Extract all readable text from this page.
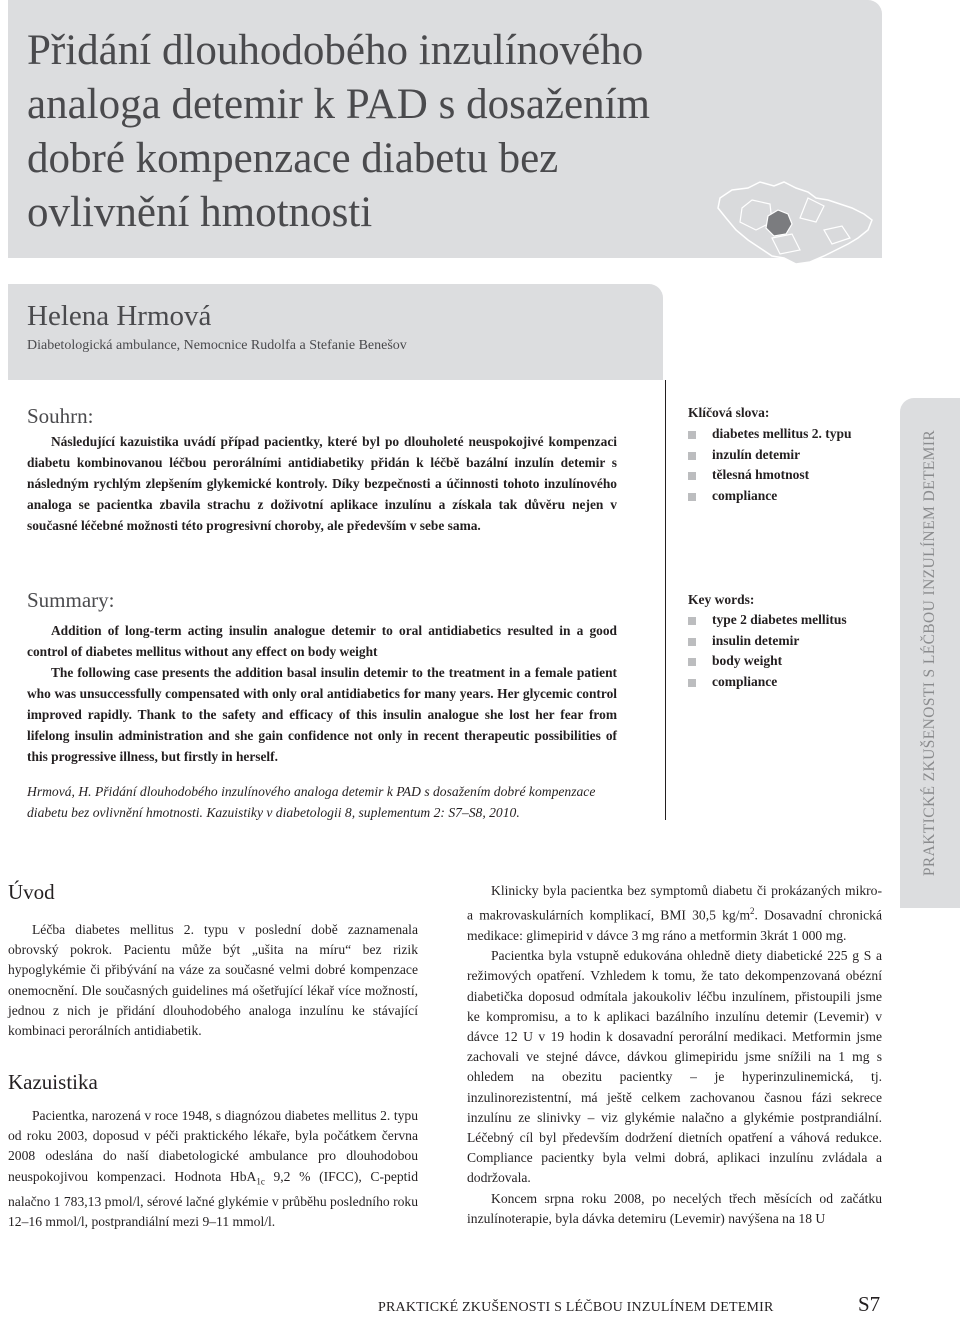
Přidání dlouhodobého inzulínového analoga detemir k PAD s dosažením dobré kompenzace diabetu bez ovlivnění hmotnosti
Helena Hrmová
Diabetologická ambulance, Nemocnice Rudolfa a Stefanie Benešov
Souhrn:

Následující kazuistika uvádí případ pacientky, které byl po dlouholeté neuspokojivé kompenzaci diabetu kombinovanou léčbou perorálními antidiabetiky přidán k léčbě bazální inzulín detemir s následným rychlým zlepšením glykemické kontroly. Díky bezpečnosti a účinnosti tohoto inzulínového analoga se pacientka zbavila strachu z doživotní aplikace inzulínu a získala tak důvěru nejen v současné léčebné možnosti této progresivní choroby, ale především v sebe sama.

Summary:

Addition of long-term acting insulin analogue detemir to oral antidiabetics resulted in a good control of diabetes mellitus without any effect on body weight

The following case presents the addition basal insulin detemir to the treatment in a female patient who was unsuccessfully compensated with only oral antidiabetics for many years. Her glycemic control improved rapidly. Thank to the safety and efficacy of this insulin analogue she lost her fear from lifelong insulin administration and she gain confidence not only in recent therapeutic possibilities of this progressive illness, but firstly in herself.

Hrmová, H. Přidání dlouhodobého inzulínového analoga detemir k PAD s dosažením dobré kompenzace diabetu bez ovlivnění hmotnosti. Kazuistiky v diabetologii 8, suplementum 2: S7–S8, 2010.
Klíčová slova:
diabetes mellitus 2. typu
inzulín detemir
tělesná hmotnost
compliance
Key words:
type 2 diabetes mellitus
insulin detemir
body weight
compliance	PRAKTICKÉ ZKUŠENOSTI S LÉČBOU INZULÍNEM DETEMIR
Úvod

Léčba diabetes mellitus 2. typu v poslední době zaznamenala obrovský pokrok. Pacientu může být „ušita na míru“ bez rizik hypoglykémie či přibývání na váze za současné velmi dobré kompenzace onemocnění. Dle současných guidelines má ošetřující lékař více možností, jednou z nich je přidání dlouhodobého analoga inzulínu ke stávající kombinaci perorálních antidiabetik.

Kazuistika

Pacientka, narozená v roce 1948, s diagnózou diabetes mellitus 2. typu od roku 2003, doposud v péči praktického lékaře, byla počátkem června 2008 odeslána do naší diabetologické ambulance pro dlouhodobou neuspokojivou kompenzaci. Hodnota HbA$_{1c}$ 9,2 % (IFCC), C-peptid nalačno 1 783,13 pmol/l, sérové lačné glykémie v průběhu posledního roku 12–16 mmol/l, postprandiální mezi 9–11 mmol/l.

Klinicky byla pacientka bez symptomů diabetu či prokázaných mikro- a makrovaskulárních komplikací, BMI 30,5 $kg/m^2$. Dosavadní chronická medikace: glimepirid v dávce 3 mg ráno a metformin 3krát 1 000 mg.

Pacientka byla vstupně edukována ohledně diety diabetické 225 g S a režimových opatření. Vzhledem k tomu, že tato dekompenzovaná obézní diabetička doposud odmítala jakoukoliv léčbu inzulínem, přistoupili jsme ke kompromisu, a to k aplikaci bazálního inzulínu detemir (Levemir) v dávce 12 U v 19 hodin k dosavadní perorální medikaci. Metformin jsme zachovali ve stejné dávce, dávkou glimepiridu jsme snížili na 1 mg s ohledem na obezitu pacientky – je hyperinzulinemická, tj. inzulinorezistentní, má ještě celkem zachovanou časnou fázi sekrece inzulínu ze slinivky – viz glykémie nalačno a glykémie postprandiální. Léčebný cíl byl především dodržení dietních opatření a váhová redukce. Compliance pacientky byla velmi dobrá, aplikaci inzulínu zvládala a dodržovala.

Koncem srpna roku 2008, po necelých třech měsících od začátku inzulínoterapie, byla dávka detemiru (Levemir) navýšena na 18 U

PRAKTICKÉ ZKUŠENOSTI S LÉČBOU INZULÍNEM DETEMIR	S7
